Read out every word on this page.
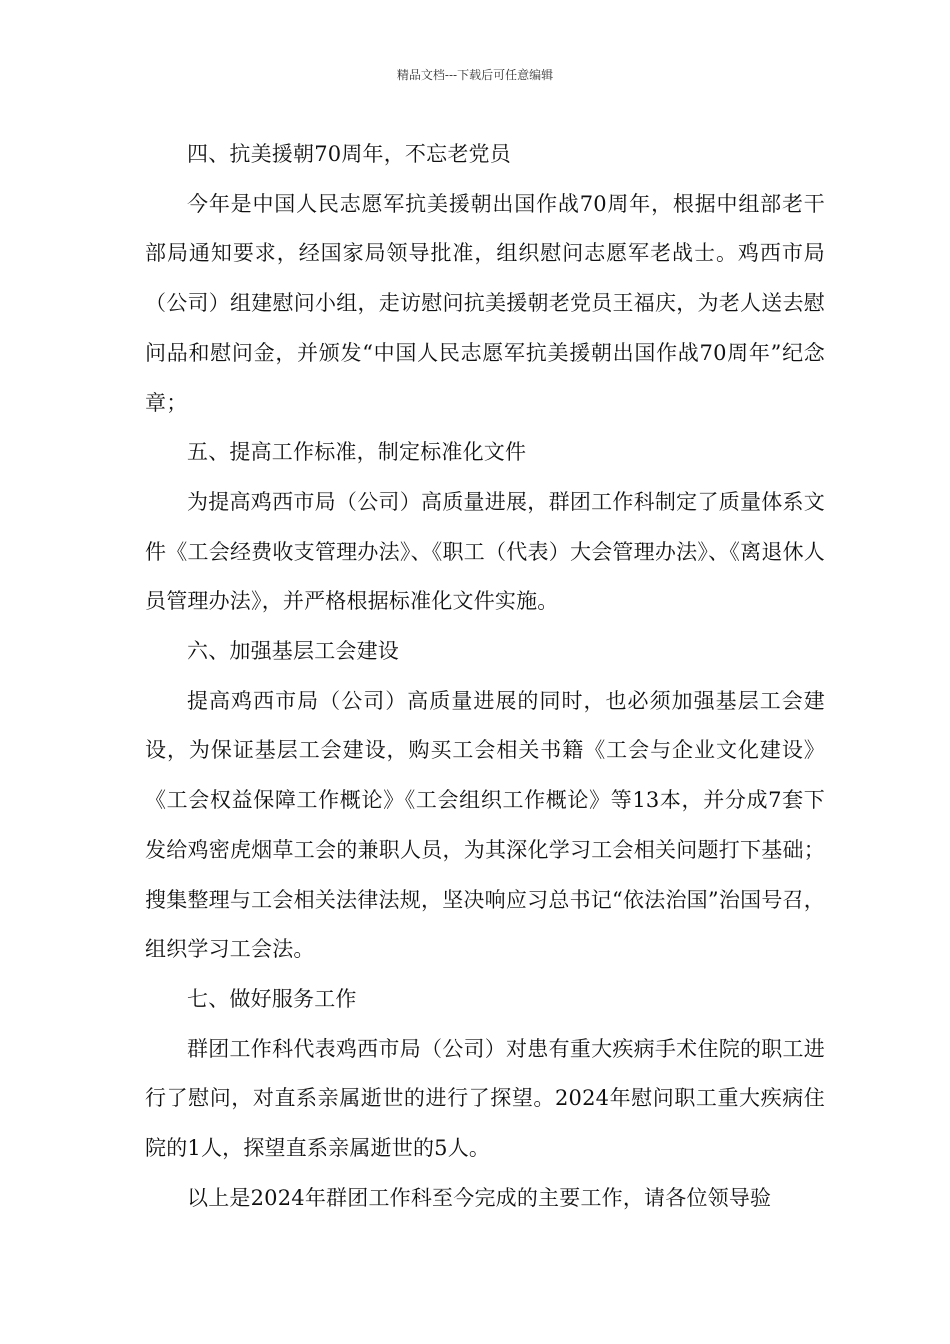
精品文档---下载后可任意编辑

四、抗美援朝70周年，不忘老党员

今年是中国人民志愿军抗美援朝出国作战70周年，根据中组部老干部局通知要求，经国家局领导批准，组织慰问志愿军老战士。鸡西市局（公司）组建慰问小组，走访慰问抗美援朝老党员王福庆，为老人送去慰问品和慰问金，并颁发“中国人民志愿军抗美援朝出国作战70周年”纪念章；

五、提高工作标准，制定标准化文件

为提高鸡西市局（公司）高质量进展，群团工作科制定了质量体系文件《工会经费收支管理办法》、《职工（代表）大会管理办法》、《离退休人员管理办法》，并严格根据标准化文件实施。

六、加强基层工会建设

提高鸡西市局（公司）高质量进展的同时，也必须加强基层工会建设，为保证基层工会建设，购买工会相关书籍《工会与企业文化建设》《工会权益保障工作概论》《工会组织工作概论》等13本，并分成7套下发给鸡密虎烟草工会的兼职人员，为其深化学习工会相关问题打下基础；搜集整理与工会相关法律法规，坚决响应习总书记“依法治国”治国号召，组织学习工会法。

七、做好服务工作

群团工作科代表鸡西市局（公司）对患有重大疾病手术住院的职工进行了慰问，对直系亲属逝世的进行了探望。2024年慰问职工重大疾病住院的1人，探望直系亲属逝世的5人。

以上是2024年群团工作科至今完成的主要工作，请各位领导验
